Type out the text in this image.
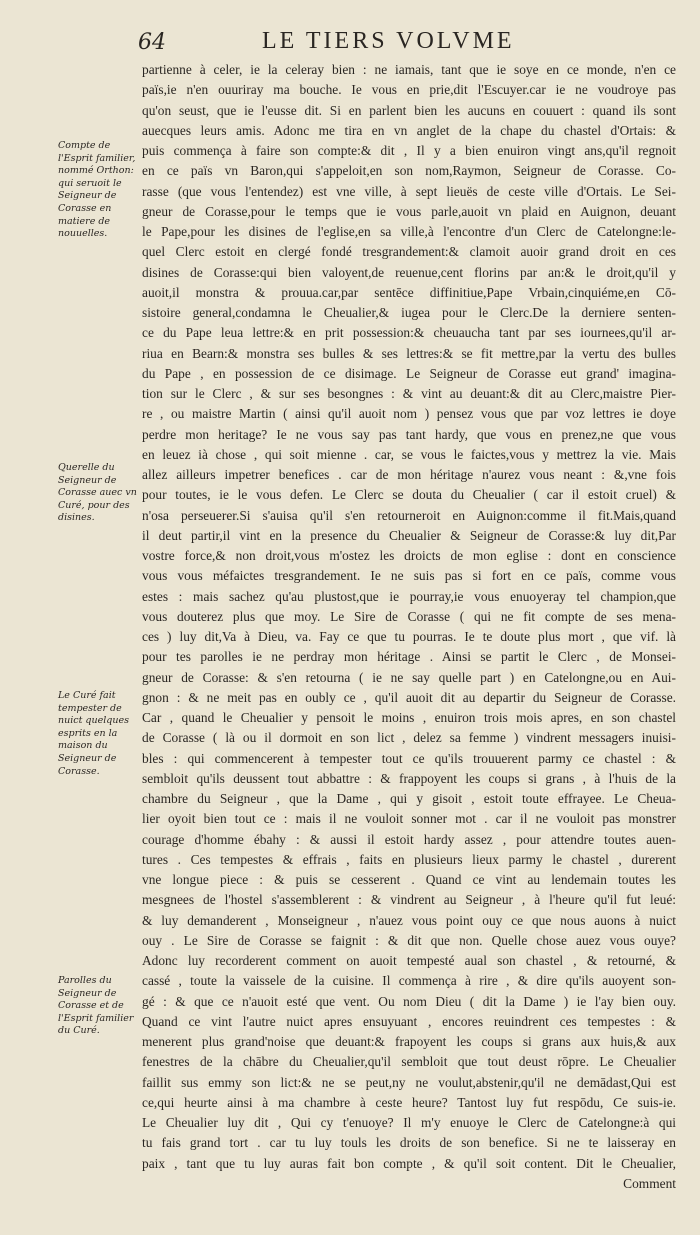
64	LE TIERS VOLVME
Compte de l'Esprit familier, nommé Orthon: qui seruoit le Seigneur de Corasse en matiere de nouuelles.
Querelle du Seigneur de Corasse auec vn Curé, pour des disines.
Le Curé fait tempester de nuict quelques esprits en la maison du Seigneur de Corasse.
Parolles du Seigneur de Corasse et de l'Esprit familier du Curé.
partienne à celer, ie la celeray bien : ne iamais, tant que ie soye en ce monde, n'en ce
païs,ie n'en ouuriray ma bouche. Ie vous en prie,dit l'Escuyer.car ie ne voudroye pas
qu'on seust, que ie l'eusse dit. Si en parlent bien les aucuns en couuert : quand ils sont
auecques leurs amis. Adonc me tira en vn anglet de la chape du chastel d'Ortais: &
puis commença à faire son compte:& dit , Il y a bien enuiron vingt ans,qu'il regnoit
en ce païs vn Baron,qui s'appeloit,en son nom,Raymon, Seigneur de Corasse. Co-
rasse (que vous l'entendez) est vne ville, à sept lieuës de ceste ville d'Ortais. Le Sei-
gneur de Corasse,pour le temps que ie vous parle,auoit vn plaid en Auignon, deuant
le Pape,pour les disines de l'eglise,en sa ville,à l'encontre d'un Clerc de Catelongne:le-
quel Clerc estoit en clergé fondé tresgrandement:& clamoit auoir grand droit en ces
disines de Corasse:qui bien valoyent,de reuenue,cent florins par an:& le droit,qu'il y
auoit,il monstra & prouua.car,par sentēce diffinitiue,Pape Vrbain,cinquiéme,en Cō-
sistoire general,condamna le Cheualier,& iugea pour le Clerc.De la derniere senten-
ce du Pape leua lettre:& en prit possession:& cheuaucha tant par ses iournees,qu'il ar-
riua en Bearn:& monstra ses bulles & ses lettres:& se fit mettre,par la vertu des bulles
du Pape , en possession de ce disimage. Le Seigneur de Corasse eut grand' imagina-
tion sur le Clerc , & sur ses besongnes : & vint au deuant:& dit au Clerc,maistre Pier-
re , ou maistre Martin ( ainsi qu'il auoit nom ) pensez vous que par voz lettres ie doye
perdre mon heritage? Ie ne vous say pas tant hardy, que vous en prenez,ne que vous
en leuez ià chose , qui soit mienne . car, se vous le faictes,vous y mettrez la vie. Mais
allez ailleurs impetrer benefices . car de mon héritage n'aurez vous neant : &,vne fois
pour toutes, ie le vous defen. Le Clerc se douta du Cheualier ( car il estoit cruel) &
n'osa perseuerer.Si s'auisa qu'il s'en retourneroit en Auignon:comme il fit.Mais,quand
il deut partir,il vint en la presence du Cheualier & Seigneur de Corasse:& luy dit,Par
vostre force,& non droit,vous m'ostez les droicts de mon eglise : dont en conscience
vous vous méfaictes tresgrandement. Ie ne suis pas si fort en ce païs, comme vous
estes : mais sachez qu'au plustost,que ie pourray,ie vous enuoyeray tel champion,que
vous douterez plus que moy. Le Sire de Corasse ( qui ne fit compte de ses mena-
ces ) luy dit,Va à Dieu, va. Fay ce que tu pourras. Ie te doute plus mort , que vif. là
pour tes parolles ie ne perdray mon héritage . Ainsi se partit le Clerc , de Monsei-
gneur de Corasse: & s'en retourna ( ie ne say quelle part ) en Catelongne,ou en Aui-
gnon : & ne meit pas en oubly ce , qu'il auoit dit au departir du Seigneur de Corasse.
Car , quand le Cheualier y pensoit le moins , enuiron trois mois apres, en son chastel
de Corasse ( là ou il dormoit en son lict , delez sa femme ) vindrent messagers inuisi-
bles : qui commencerent à tempester tout ce qu'ils trouuerent parmy ce chastel : &
sembloit qu'ils deussent tout abbattre : & frappoyent les coups si grans , à l'huis de la
chambre du Seigneur , que la Dame , qui y gisoit , estoit toute effrayee. Le Cheua-
lier oyoit bien tout ce : mais il ne vouloit sonner mot . car il ne vouloit pas monstrer
courage d'homme ébahy : & aussi il estoit hardy assez , pour attendre toutes auen-
tures . Ces tempestes & effrais , faits en plusieurs lieux parmy le chastel , durerent
vne longue piece : & puis se cesserent . Quand ce vint au lendemain toutes les
mesgnees de l'hostel s'assemblerent : & vindrent au Seigneur , à l'heure qu'il fut leué:
& luy demanderent , Monseigneur , n'auez vous point ouy ce que nous auons à nuict
ouy . Le Sire de Corasse se faignit : & dit que non. Quelle chose auez vous ouye?
Adonc luy recorderent comment on auoit tempesté aual son chastel , & retourné, &
cassé , toute la vaissele de la cuisine. Il commença à rire , & dire qu'ils auoyent son-
gé : & que ce n'auoit esté que vent. Ou nom Dieu ( dit la Dame ) ie l'ay bien ouy.
Quand ce vint l'autre nuict apres ensuyuant , encores reuindrent ces tempestes : &
menerent plus grand'noise que deuant:& frapoyent les coups si grans aux huis,& aux
fenestres de la chābre du Cheualier,qu'il sembloit que tout deust rōpre. Le Cheualier
faillit sus emmy son lict:& ne se peut,ny ne voulut,abstenir,qu'il ne demādast,Qui est
ce,qui heurte ainsi à ma chambre à ceste heure? Tantost luy fut respōdu, Ce suis-ie.
Le Cheualier luy dit , Qui cy t'enuoye? Il m'y enuoye le Clerc de Catelongne:à qui
tu fais grand tort . car tu luy touls les droits de son benefice. Si ne te laisseray en
paix , tant que tu luy auras fait bon compte , & qu'il soit content. Dit le Cheualier,
Comment
